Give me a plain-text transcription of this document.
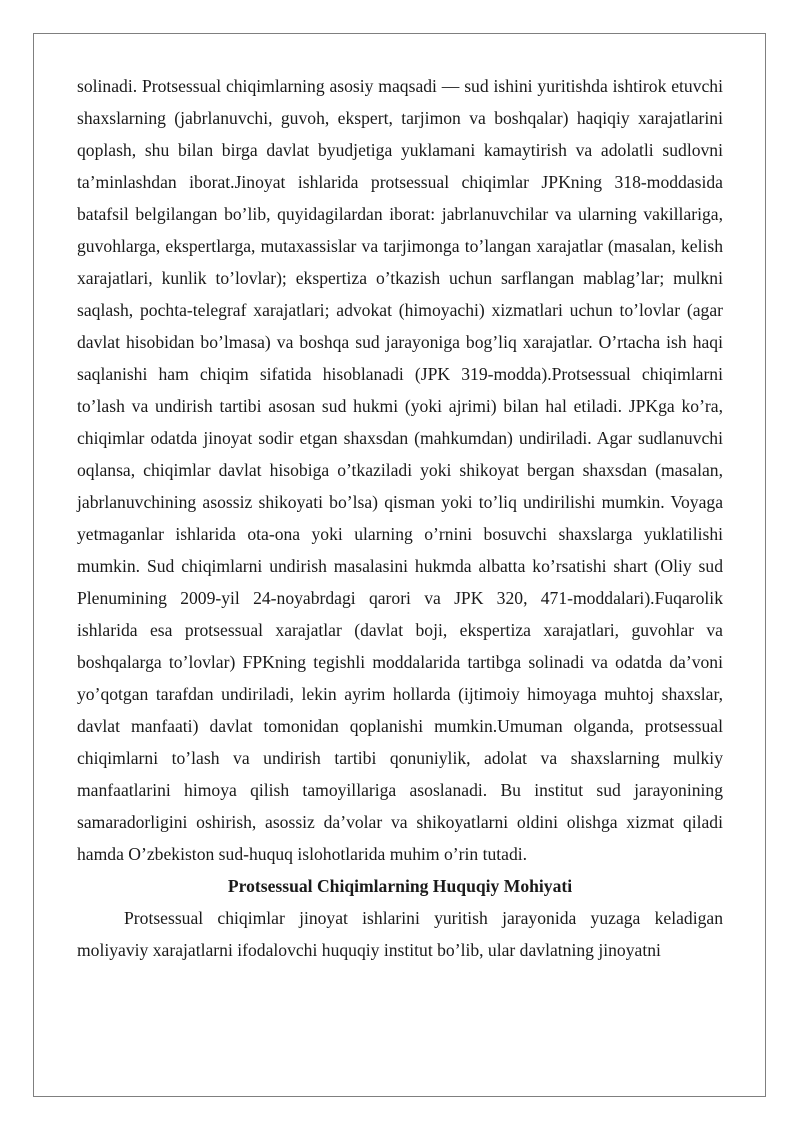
solinadi. Protsessual chiqimlarning asosiy maqsadi — sud ishini yuritishda ishtirok etuvchi shaxslarning (jabrlanuvchi, guvoh, ekspert, tarjimon va boshqalar) haqiqiy xarajatlarini qoplash, shu bilan birga davlat byudjetiga yuklamani kamaytirish va adolatli sudlovni ta’minlashdan iborat.Jinoyat ishlarida protsessual chiqimlar JPKning 318-moddasida batafsil belgilangan bo’lib, quyidagilardan iborat: jabrlanuvchilar va ularning vakillariga, guvohlarga, ekspertlarga, mutaxassislar va tarjimonga to’langan xarajatlar (masalan, kelish xarajatlari, kunlik to’lovlar); ekspertiza o’tkazish uchun sarflangan mablag’lar; mulkni saqlash, pochta-telegraf xarajatlari; advokat (himoyachi) xizmatlari uchun to’lovlar (agar davlat hisobidan bo’lmasa) va boshqa sud jarayoniga bog’liq xarajatlar. O’rtacha ish haqi saqlanishi ham chiqim sifatida hisoblanadi (JPK 319-modda).Protsessual chiqimlarni to’lash va undirish tartibi asosan sud hukmi (yoki ajrimi) bilan hal etiladi. JPKga ko’ra, chiqimlar odatda jinoyat sodir etgan shaxsdan (mahkumdan) undiriladi. Agar sudlanuvchi oqlansa, chiqimlar davlat hisobiga o’tkaziladi yoki shikoyat bergan shaxsdan (masalan, jabrlanuvchining asossiz shikoyati bo’lsa) qisman yoki to’liq undirilishi mumkin. Voyaga yetmaganlar ishlarida ota-ona yoki ularning o’rnini bosuvchi shaxslarga yuklatilishi mumkin. Sud chiqimlarni undirish masalasini hukmda albatta ko’rsatishi shart (Oliy sud Plenumining 2009-yil 24-noyabrdagi qarori va JPK 320, 471-moddalari).Fuqarolik ishlarida esa protsessual xarajatlar (davlat boji, ekspertiza xarajatlari, guvohlar va boshqalarga to’lovlar) FPKning tegishli moddalarida tartibga solinadi va odatda da’voni yo’qotgan tarafdan undiriladi, lekin ayrim hollarda (ijtimoiy himoyaga muhtoj shaxslar, davlat manfaati) davlat tomonidan qoplanishi mumkin.Umuman olganda, protsessual chiqimlarni to’lash va undirish tartibi qonuniylik, adolat va shaxslarning mulkiy manfaatlarini himoya qilish tamoyillariga asoslanadi. Bu institut sud jarayonining samaradorligini oshirish, asossiz da’volar va shikoyatlarni oldini olishga xizmat qiladi hamda O’zbekiston sud-huquq islohotlarida muhim o’rin tutadi.

Protsessual Chiqimlarning Huquqiy Mohiyati

Protsessual chiqimlar jinoyat ishlarini yuritish jarayonida yuzaga keladigan moliyaviy xarajatlarni ifodalovchi huquqiy institut bo’lib, ular davlatning jinoyatni
